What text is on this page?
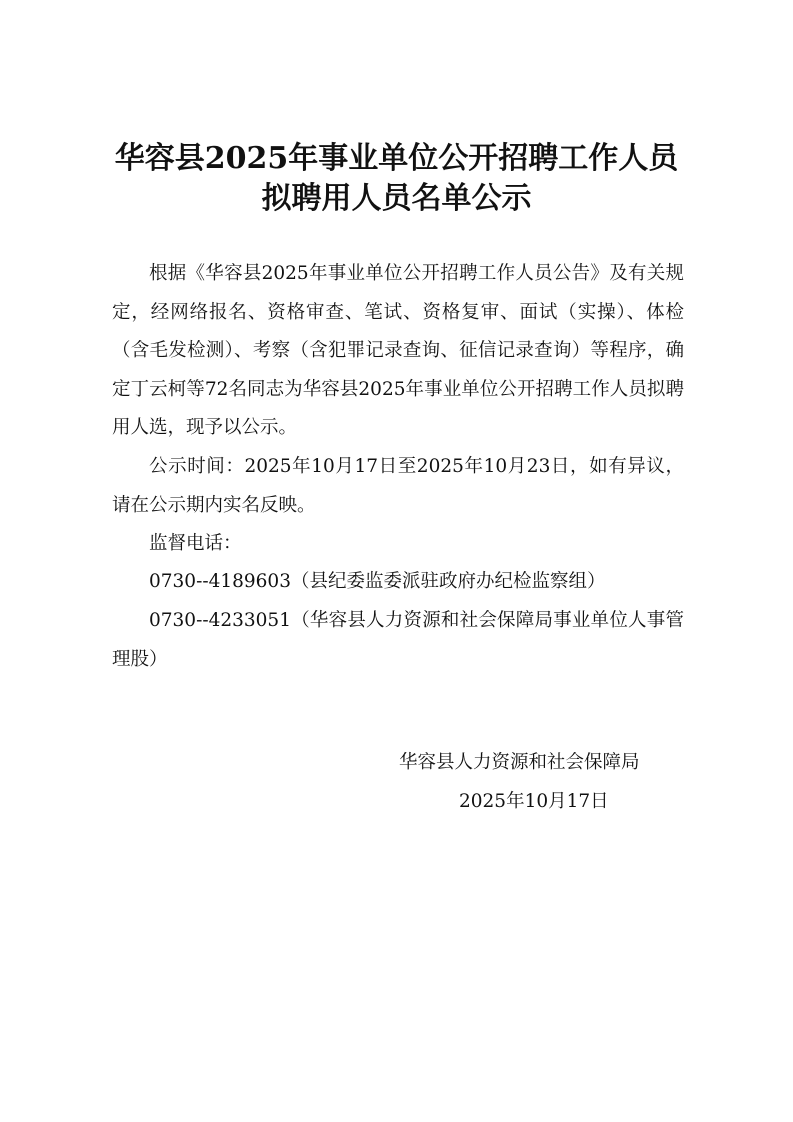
华容县2025年事业单位公开招聘工作人员
拟聘用人员名单公示
根据《华容县2025年事业单位公开招聘工作人员公告》及有关规定，经网络报名、资格审查、笔试、资格复审、面试（实操）、体检（含毛发检测）、考察（含犯罪记录查询、征信记录查询）等程序，确定丁云柯等72名同志为华容县2025年事业单位公开招聘工作人员拟聘用人选，现予以公示。
公示时间：2025年10月17日至2025年10月23日，如有异议，请在公示期内实名反映。
监督电话：
0730--4189603（县纪委监委派驻政府办纪检监察组）
0730--4233051（华容县人力资源和社会保障局事业单位人事管理股）
华容县人力资源和社会保障局
2025年10月17日
